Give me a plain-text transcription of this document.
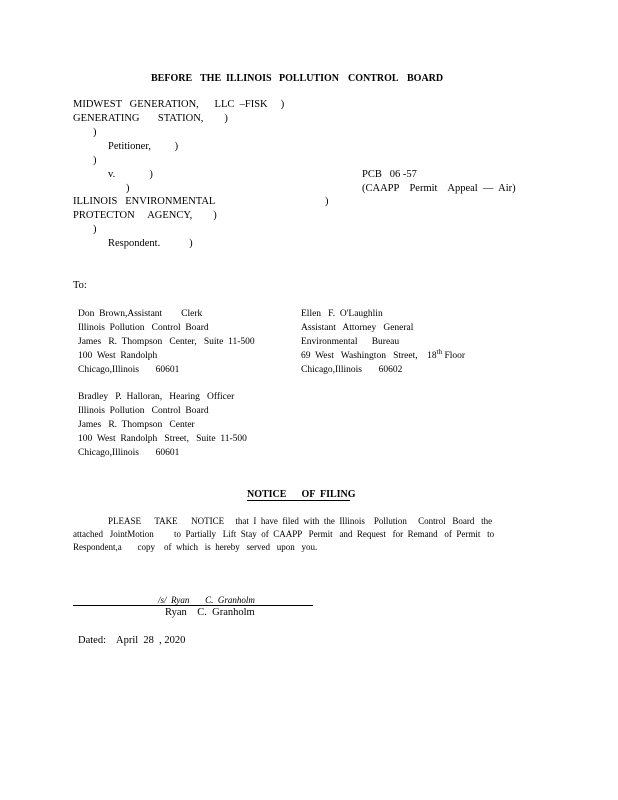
BEFORE THE ILLINOIS POLLUTION CONTROL BOARD
MIDWEST   GENERATION,      LLC  –FISK     )
GENERATING       STATION,        )
)
Petitioner,         )
)
v.             )
)
ILLINOIS   ENVIRONMENTAL	)
PROTECTON     AGENCY,        )
)
Respondent.           )
PCB   06 -57
(CAAPP    Permit    Appeal  —  Air)
To:
Don  Brown,Assistant        Clerk
Illinois  Pollution   Control  Board
James   R.  Thompson   Center,   Suite  11-500
100  West  Randolph
Chicago,Illinois       60601
Ellen   F.  O'Laughlin
Assistant   Attorney   General
Environmental      Bureau
69  West   Washington   Street,    18th Floor
Chicago,Illinois       60602
Bradley   P.  Halloran,   Hearing   Officer
Illinois  Pollution   Control  Board
James   R.  Thompson   Center
100  West  Randolph   Street,   Suite  11-500
Chicago,Illinois       60601
NOTICE      OF  FILING
PLEASE      TAKE      NOTICE     that  I  have  filed  with  the  Illinois    Pollution     Control   Board   the
attached   JointMotion         to  Partially   Lift  Stay  of  CAAPP   Permit   and  Request   for  Remand   of  Permit   to
Respondent,a       copy    of  which   is  hereby   served   upon   you.
/s/  Ryan       C.  Granholm
Ryan    C.  Granholm
Dated: April  28  , 2020
